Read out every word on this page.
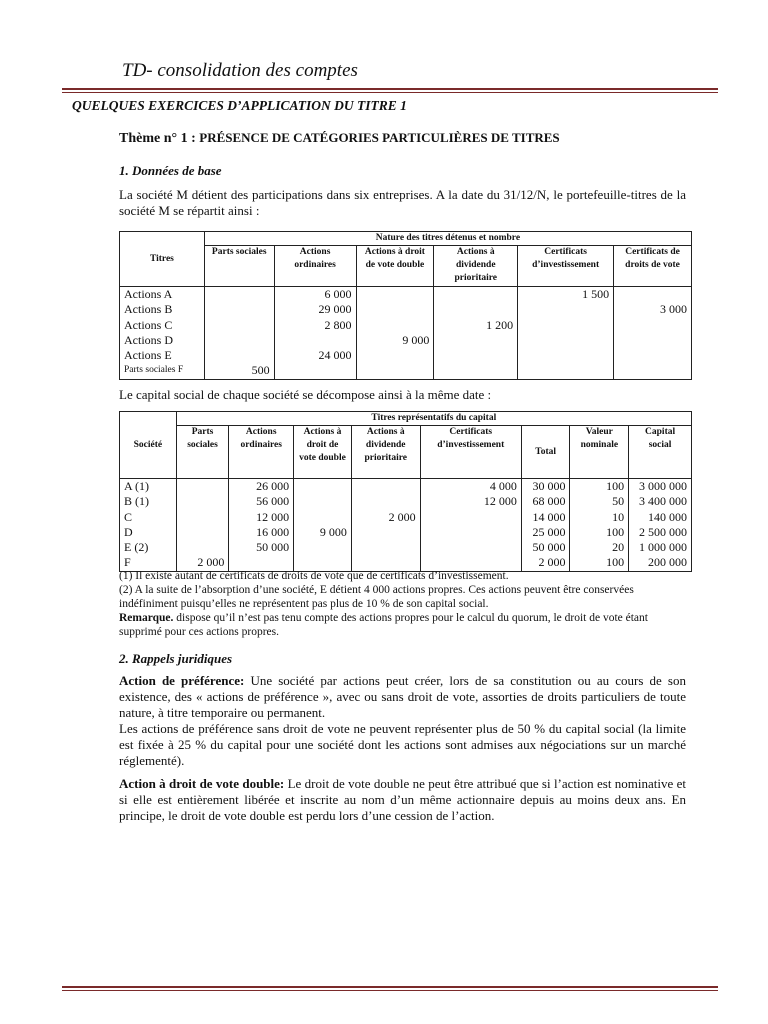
TD- consolidation des comptes
QUELQUES EXERCICES D’APPLICATION DU TITRE 1
Thème n° 1 : PRÉSENCE DE CATÉGORIES PARTICULIÈRES DE TITRES
1. Données de base
La société M détient des participations dans six entreprises. A la date du 31/12/N, le portefeuille-titres de la société M se répartit ainsi :
Titres	Nature des titres détenus et nombre					
	Parts sociales	Actions ordinaires	Actions à droit de vote double	Actions à dividende prioritaire	Certificats d’investissement	Certificats de droits de vote
Actions A		6 000			1 500	
Actions B		29 000				3 000
Actions C		2 800		1 200		
Actions D			9 000			
Actions E		24 000				
Parts sociales F	500					
Le capital social de chaque société se décompose ainsi à la même date :
Société	Titres représentatifs du capital							
	Parts sociales	Actions ordinaires	Actions à droit de vote double	Actions à dividende prioritaire	Certificats d’investissement	Total	Valeur nominale	Capital social
A (1)		26 000			4 000	30 000	100	3 000 000
B (1)		56 000			12 000	68 000	50	3 400 000
C		12 000		2 000		14 000	10	140 000
D		16 000	9 000			25 000	100	2 500 000
E (2)		50 000				50 000	20	1 000 000
F	2 000					2 000	100	200 000
(1) Il existe autant de certificats de droits de vote que de certificats d’investissement.
(2) A la suite de l’absorption d’une société, E détient 4 000 actions propres. Ces actions peuvent être conservées indéfiniment puisqu’elles ne représentent pas plus de 10 % de son capital social.
Remarque. dispose qu’il n’est pas tenu compte des actions propres pour le calcul du quorum, le droit de vote étant supprimé pour ces actions propres.
2. Rappels juridiques
Action de préférence: Une société par actions peut créer, lors de sa constitution ou au cours de son existence, des « actions de préférence », avec ou sans droit de vote, assorties de droits particuliers de toute nature, à titre temporaire ou permanent.
Les actions de préférence sans droit de vote ne peuvent représenter plus de 50 % du capital social (la limite est fixée à 25 % du capital pour une société dont les actions sont admises aux négociations sur un marché réglementé).
Action à droit de vote double: Le droit de vote double ne peut être attribué que si l’action est nominative et si elle est entièrement libérée et inscrite au nom d’un même actionnaire depuis au moins deux ans. En principe, le droit de vote double est perdu lors d’une cession de l’action.
